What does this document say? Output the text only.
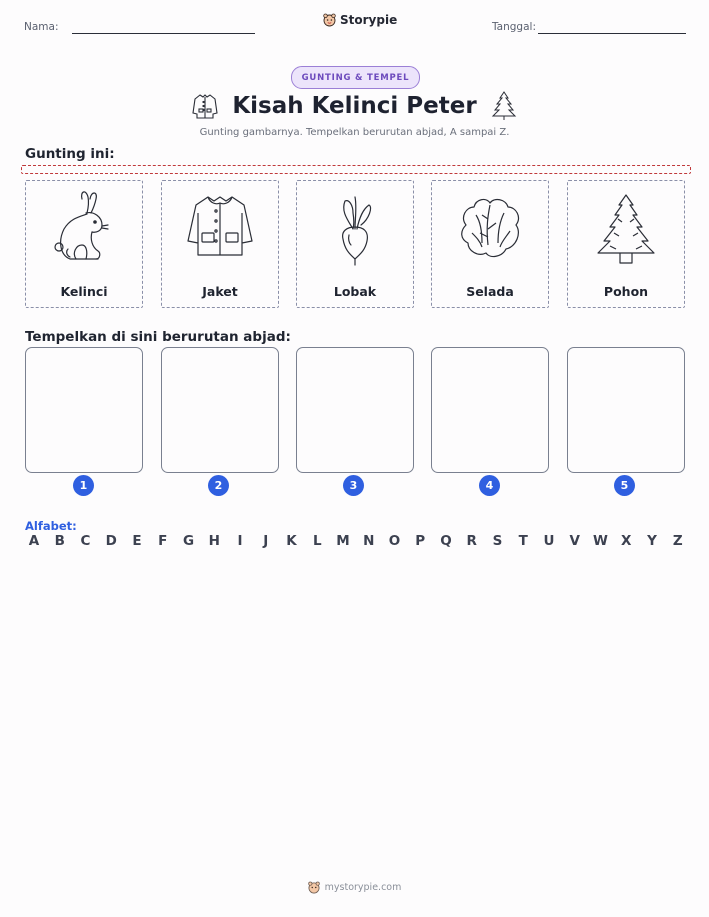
Nama:	Storypie	Tanggal:
GUNTING & TEMPEL
Kisah Kelinci Peter
Gunting gambarnya. Tempelkan berurutan abjad, A sampai Z.
Gunting ini:
Kelinci	Jaket	Lobak	Selada	Pohon
Tempelkan di sini berurutan abjad:
1	2	3	4	5
Alfabet:
A B C D	E	F	G H	I	J	K	L	M N O P Q R	S	T	U V W X	Y	Z
mystorypie.com
